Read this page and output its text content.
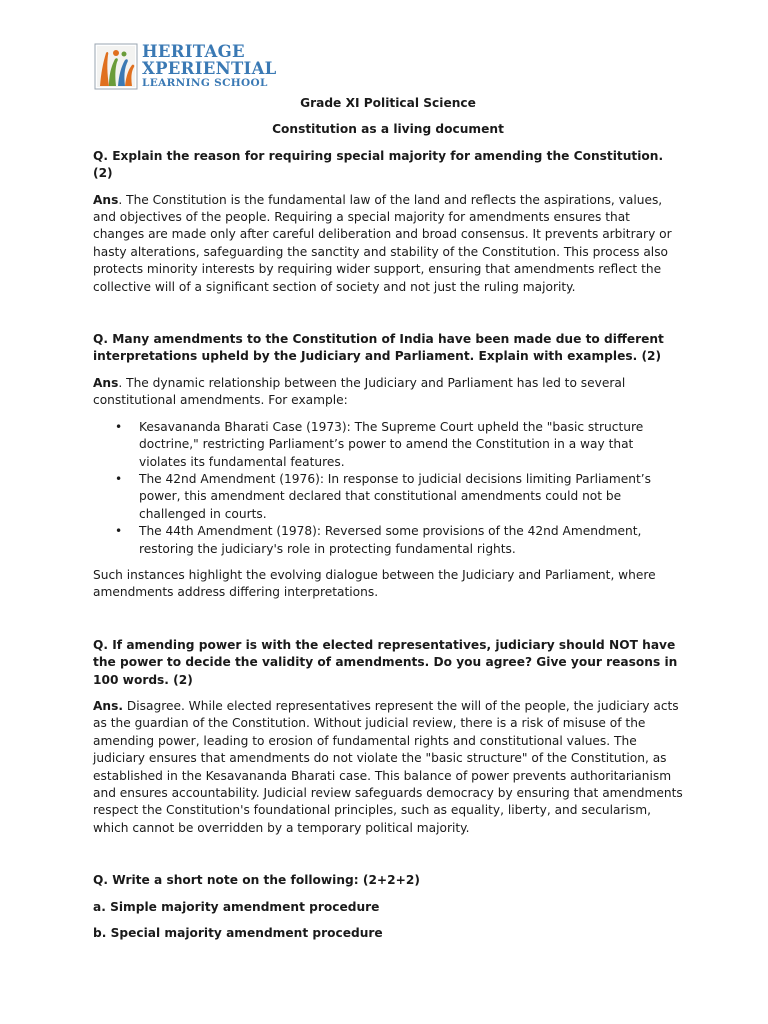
HERITAGE
XPERIENTIAL
LEARNING SCHOOL
Grade XI Political Science
Constitution as a living document
Q. Explain the reason for requiring special majority for amending the Constitution. (2)
Ans. The Constitution is the fundamental law of the land and reflects the aspirations, values, and objectives of the people. Requiring a special majority for amendments ensures that changes are made only after careful deliberation and broad consensus. It prevents arbitrary or hasty alterations, safeguarding the sanctity and stability of the Constitution. This process also protects minority interests by requiring wider support, ensuring that amendments reflect the collective will of a significant section of society and not just the ruling majority.
Q. Many amendments to the Constitution of India have been made due to different interpretations upheld by the Judiciary and Parliament. Explain with examples. (2)
Ans. The dynamic relationship between the Judiciary and Parliament has led to several constitutional amendments. For example:
• Kesavananda Bharati Case (1973): The Supreme Court upheld the "basic structure doctrine," restricting Parliament’s power to amend the Constitution in a way that violates its fundamental features.
• The 42nd Amendment (1976): In response to judicial decisions limiting Parliament’s power, this amendment declared that constitutional amendments could not be challenged in courts.
• The 44th Amendment (1978): Reversed some provisions of the 42nd Amendment, restoring the judiciary's role in protecting fundamental rights.
Such instances highlight the evolving dialogue between the Judiciary and Parliament, where amendments address differing interpretations.
Q. If amending power is with the elected representatives, judiciary should NOT have the power to decide the validity of amendments. Do you agree? Give your reasons in 100 words. (2)
Ans. Disagree. While elected representatives represent the will of the people, the judiciary acts as the guardian of the Constitution. Without judicial review, there is a risk of misuse of the amending power, leading to erosion of fundamental rights and constitutional values. The judiciary ensures that amendments do not violate the "basic structure" of the Constitution, as established in the Kesavananda Bharati case. This balance of power prevents authoritarianism and ensures accountability. Judicial review safeguards democracy by ensuring that amendments respect the Constitution's foundational principles, such as equality, liberty, and secularism, which cannot be overridden by a temporary political majority.
Q. Write a short note on the following: (2+2+2)
a. Simple majority amendment procedure
b. Special majority amendment procedure
